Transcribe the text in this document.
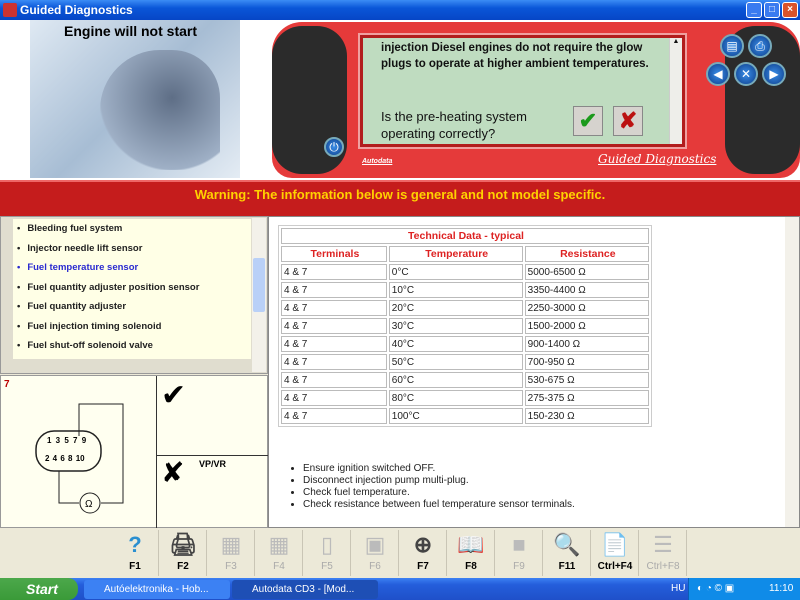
Guided Diagnostics	_	□	×
Engine will not start
⏻
Autodata	Guided Diagnostics
▤	⎙
◀	✕	▶
injection Diesel engines do not require the glow plugs to operate at higher ambient temperatures.
Is the pre-heating system operating correctly?
✔ ✘
▲
Warning: The information below is general and not model specific.
• Bleeding fuel system
• Injector needle lift sensor
• Fuel temperature sensor
• Fuel quantity adjuster position sensor
• Fuel quantity adjuster
• Fuel injection timing solenoid
• Fuel shut-off solenoid valve
7
Ω
1 3 5 7 9
2 4 6 8 10
✔
✘ VP/VR
Technical Data - typical		
Terminals	Temperature	Resistance
4 & 7	0°C	5000-6500 Ω
4 & 7	10°C	3350-4400 Ω
4 & 7	20°C	2250-3000 Ω
4 & 7	30°C	1500-2000 Ω
4 & 7	40°C	900-1400 Ω
4 & 7	50°C	700-950 Ω
4 & 7	60°C	530-675 Ω
4 & 7	80°C	275-375 Ω
4 & 7	100°C	150-230 Ω
• Ensure ignition switched OFF.
• Disconnect injection pump multi-plug.
• Check fuel temperature.
• Check resistance between fuel temperature sensor terminals.
?
F1
🖨
F2
▦
F3
▦
F4
▯
F5
▣
F6
⊕
F7
📖
F8
■
F9
🔍
F11
📄
Ctrl+F4
☰
Ctrl+F8
Start	Autóelektronika - Hob...	Autodata CD3 - [Mod...	HU ◐ ◔ © ▣	11:10
